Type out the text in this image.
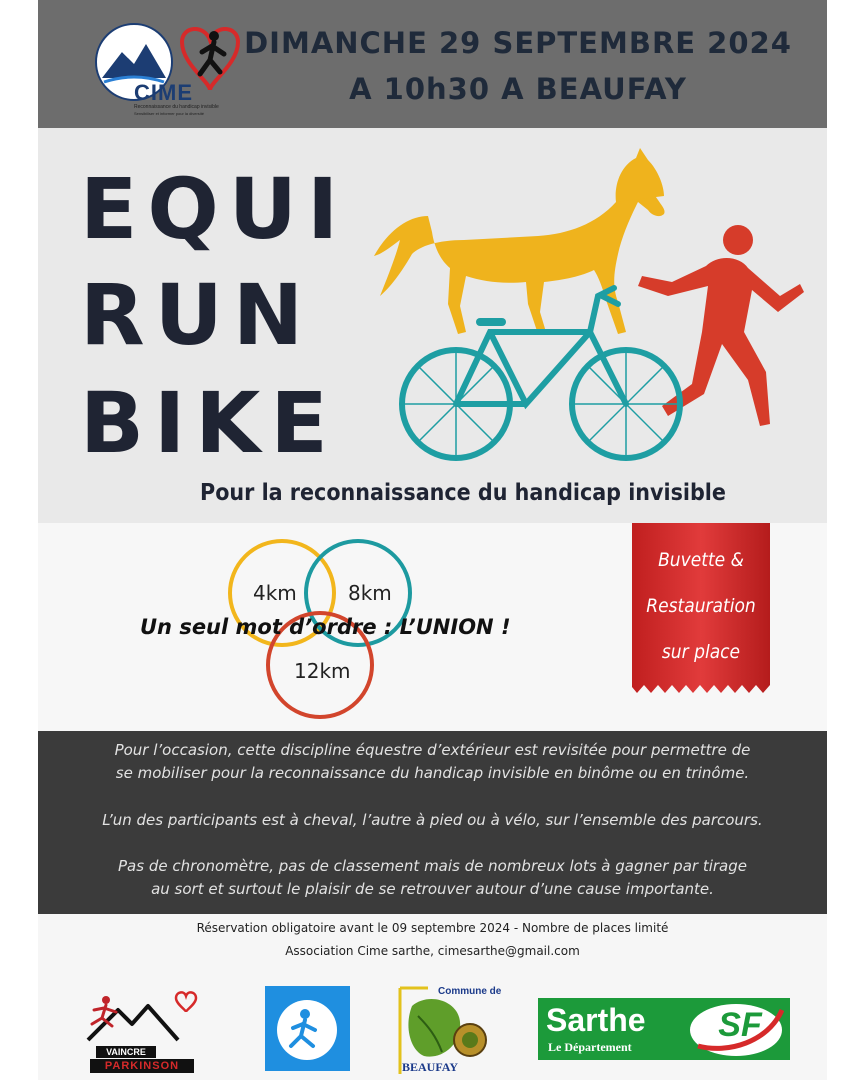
CIME
Reconnaissance du handicap invisible
Sensibiliser et informer pour la diversité
DIMANCHE 29 SEPTEMBRE 2024
A 10h30 A BEAUFAY
EQUI
RUN
BIKE
Pour la reconnaissance du handicap invisible
4km	8km
12km
Un seul mot d’ordre : L’UNION !
Buvette &
Restauration
sur place

Pour l’occasion, cette discipline équestre d’extérieur est revisitée pour permettre de

se mobiliser pour la reconnaissance du handicap invisible en binôme ou en trinôme.

L’un des participants est à cheval, l’autre à pied ou à vélo, sur l’ensemble des parcours.

Pas de chronomètre, pas de classement mais de nombreux lots à gagner par tirage

au sort et surtout le plaisir de se retrouver autour d’une cause importante.

Réservation obligatoire avant le 09 septembre 2024 - Nombre de places limité
Association Cime sarthe, cimesarthe@gmail.com
VAINCRE
PARKINSON
Commune de
BEAUFAY
Sarthe
Le Département
SF
